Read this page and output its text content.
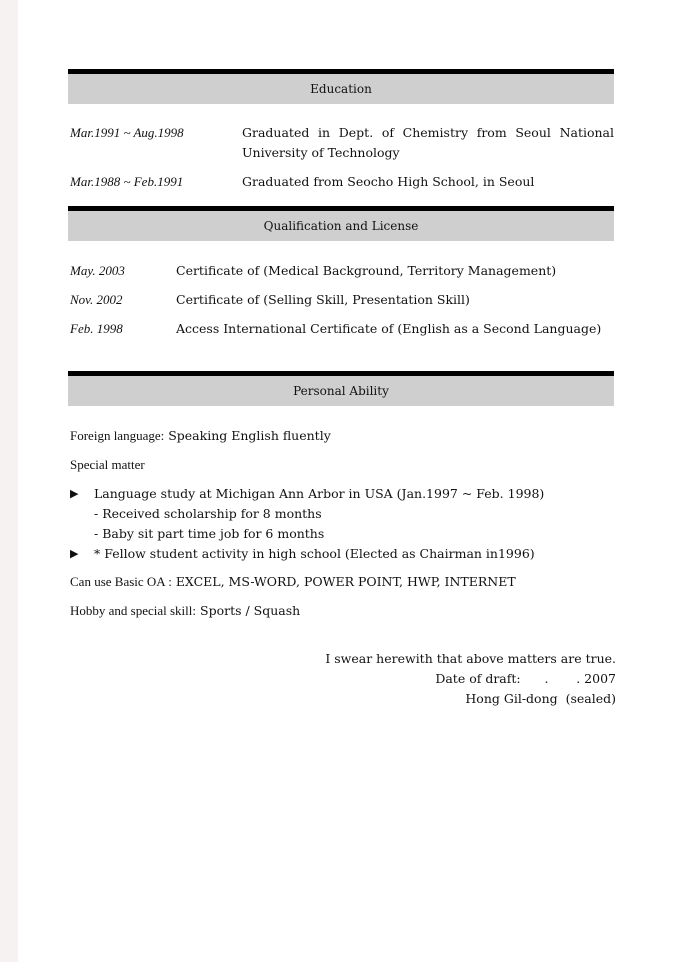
Education
Mar.1991 ~ Aug.1998	Graduated in Dept. of Chemistry from Seoul National University of Technology
Mar.1988 ~ Feb.1991	Graduated from Seocho High School, in Seoul
Qualification and License
May. 2003	Certificate of (Medical Background, Territory Management)
Nov. 2002	Certificate of (Selling Skill, Presentation Skill)
Feb. 1998	Access International Certificate of (English as a Second Language)
Personal Ability
Foreign language: Speaking English fluently
Special matter
▶ Language study at Michigan Ann Arbor in USA (Jan.1997 ~ Feb. 1998)
- Received scholarship for 8 months
- Baby sit part time job for 6 months
▶ * Fellow student activity in high school (Elected as Chairman in1996)
Can use Basic OA : EXCEL, MS-WORD, POWER POINT, HWP, INTERNET
Hobby and special skill: Sports / Squash
I swear herewith that above matters are true.
Date of draft:      .       . 2007
Hong Gil-dong  (sealed)
